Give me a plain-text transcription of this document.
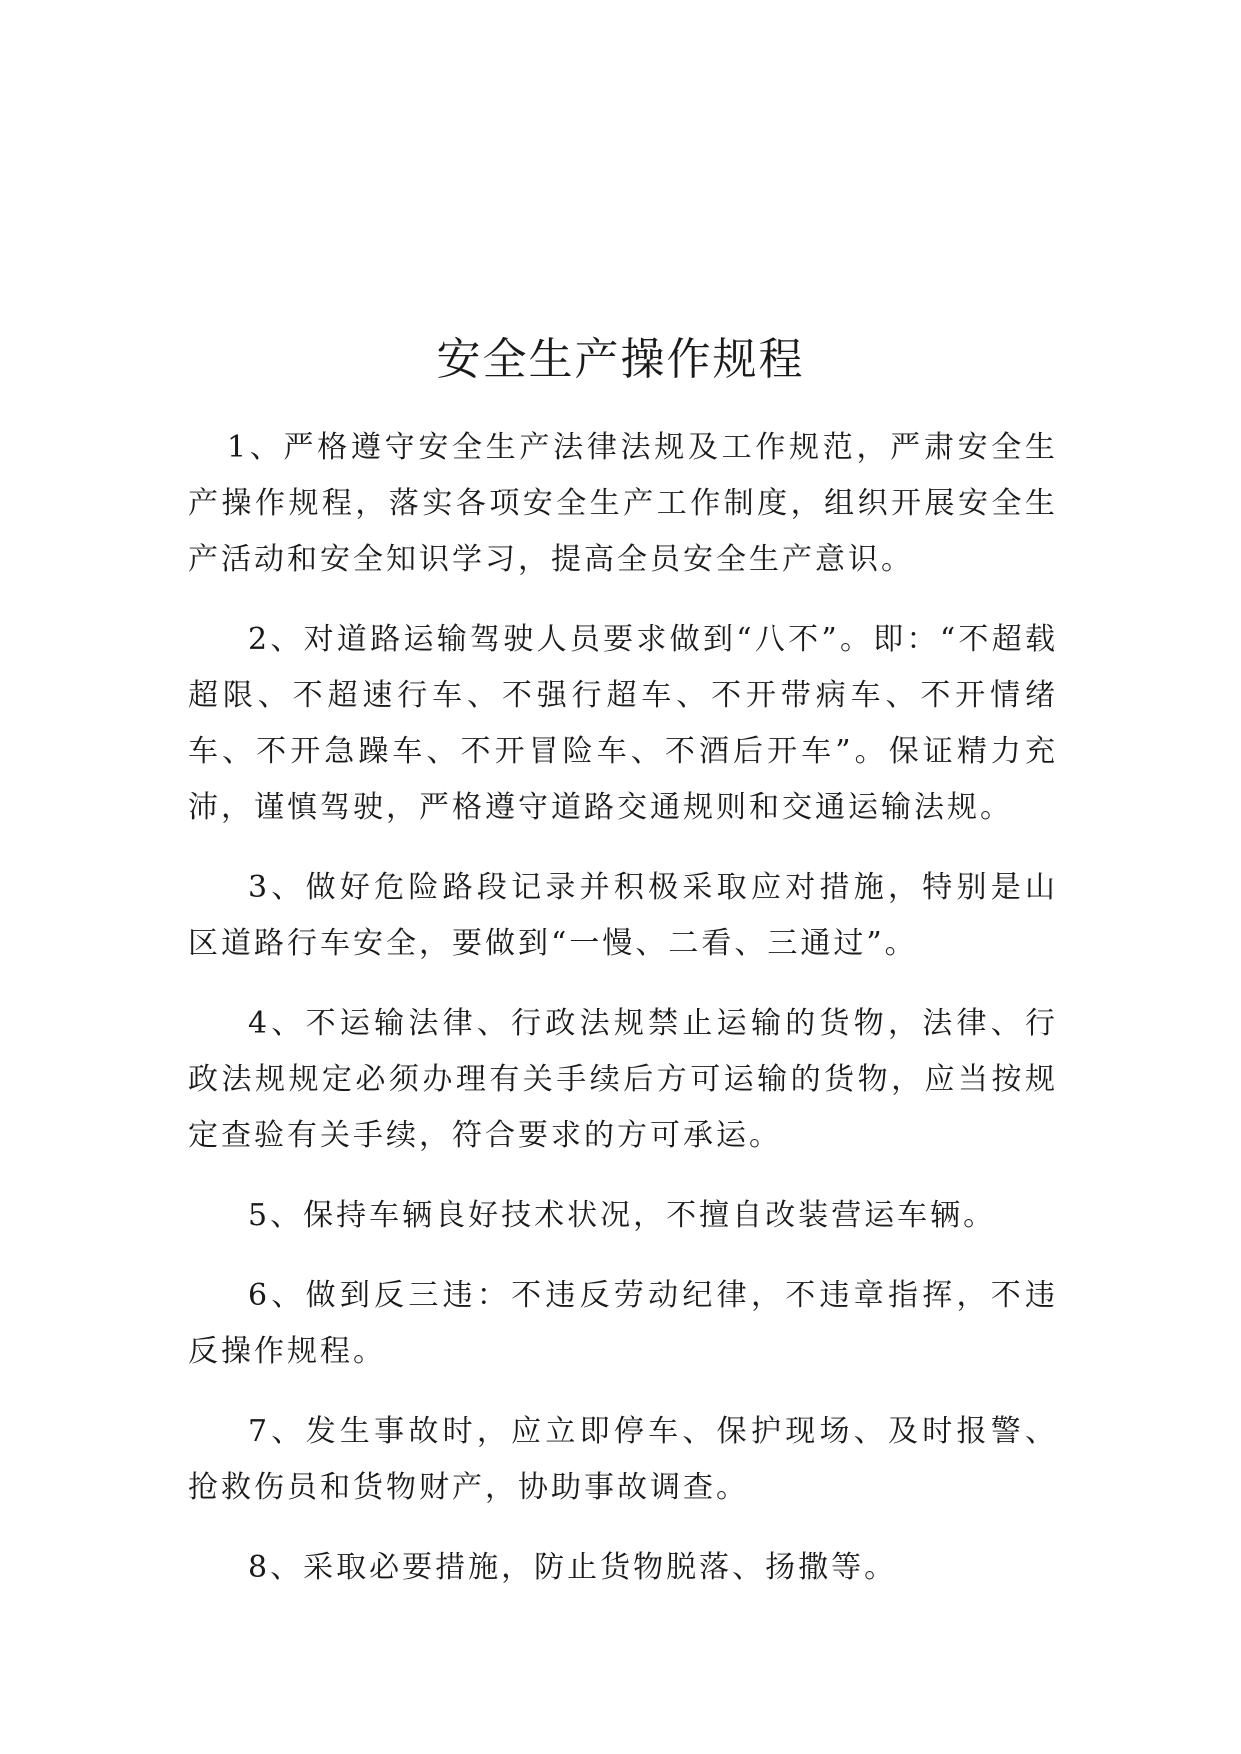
安全生产操作规程

1、严格遵守安全生产法律法规及工作规范，严肃安全生产操作规程，落实各项安全生产工作制度，组织开展安全生产活动和安全知识学习，提高全员安全生产意识。

2、对道路运输驾驶人员要求做到“八不”。即：“不超载超限、不超速行车、不强行超车、不开带病车、不开情绪车、不开急躁车、不开冒险车、不酒后开车”。保证精力充沛，谨慎驾驶，严格遵守道路交通规则和交通运输法规。

3、做好危险路段记录并积极采取应对措施，特别是山区道路行车安全，要做到“一慢、二看、三通过”。

4、不运输法律、行政法规禁止运输的货物，法律、行政法规规定必须办理有关手续后方可运输的货物，应当按规定查验有关手续，符合要求的方可承运。

5、保持车辆良好技术状况，不擅自改装营运车辆。

6、做到反三违：不违反劳动纪律，不违章指挥，不违反操作规程。

7、发生事故时，应立即停车、保护现场、及时报警、抢救伤员和货物财产，协助事故调查。

8、采取必要措施，防止货物脱落、扬撒等。
